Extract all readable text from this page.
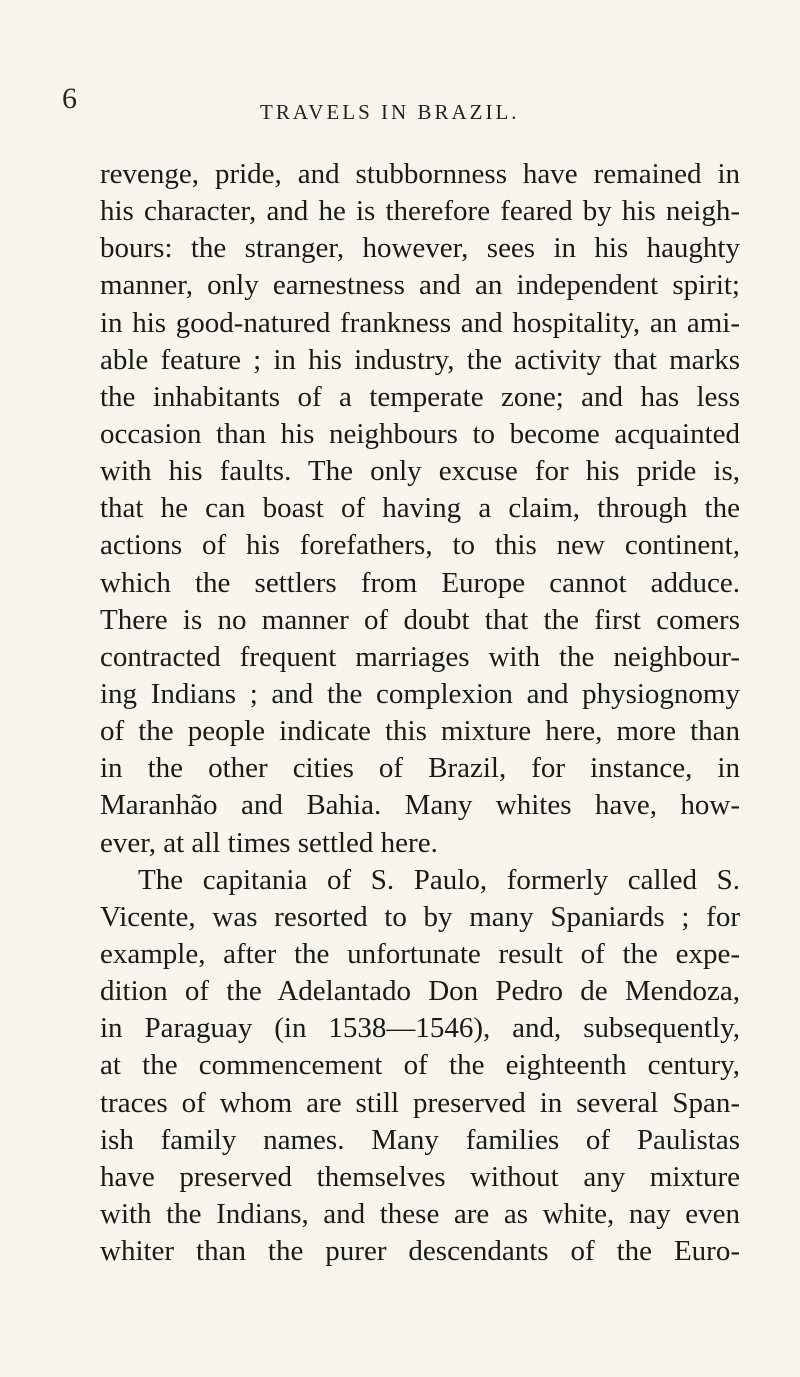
6	TRAVELS IN BRAZIL.
revenge, pride, and stubbornness have remained in
his character, and he is therefore feared by his neigh-
bours: the stranger, however, sees in his haughty
manner, only earnestness and an independent spirit;
in his good-natured frankness and hospitality, an ami-
able feature ; in his industry, the activity that marks
the inhabitants of a temperate zone; and has less
occasion than his neighbours to become acquainted
with his faults. The only excuse for his pride is,
that he can boast of having a claim, through the
actions of his forefathers, to this new continent,
which the settlers from Europe cannot adduce.
There is no manner of doubt that the first comers
contracted frequent marriages with the neighbour-
ing Indians ; and the complexion and physiognomy
of the people indicate this mixture here, more than
in the other cities of Brazil, for instance, in
Maranhão and Bahia. Many whites have, how-
ever, at all times settled here.
The capitania of S. Paulo, formerly called S.
Vicente, was resorted to by many Spaniards ; for
example, after the unfortunate result of the expe-
dition of the Adelantado Don Pedro de Mendoza,
in Paraguay (in 1538—1546), and, subsequently,
at the commencement of the eighteenth century,
traces of whom are still preserved in several Span-
ish family names. Many families of Paulistas
have preserved themselves without any mixture
with the Indians, and these are as white, nay even
whiter than the purer descendants of the Euro-
